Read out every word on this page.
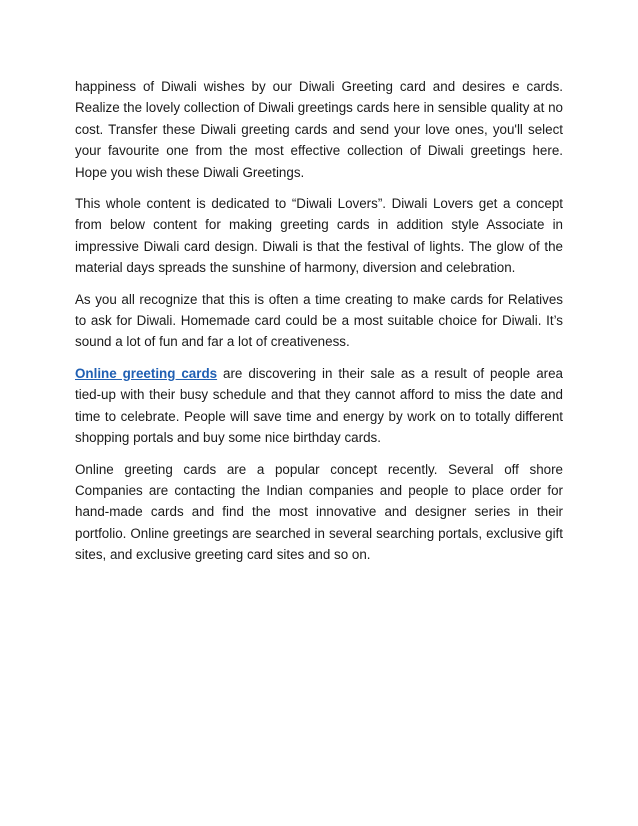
happiness of Diwali wishes by our Diwali Greeting card and desires e cards. Realize the lovely collection of Diwali greetings cards here in sensible quality at no cost. Transfer these Diwali greeting cards and send your love ones, you'll select your favourite one from the most effective collection of Diwali greetings here. Hope you wish these Diwali Greetings.

This whole content is dedicated to “Diwali Lovers”. Diwali Lovers get a concept from below content for making greeting cards in addition style Associate in impressive Diwali card design. Diwali is that the festival of lights. The glow of the material days spreads the sunshine of harmony, diversion and celebration.

As you all recognize that this is often a time creating to make cards for Relatives to ask for Diwali. Homemade card could be a most suitable choice for Diwali. It’s sound a lot of fun and far a lot of creativeness.

Online greeting cards are discovering in their sale as a result of people area tied-up with their busy schedule and that they cannot afford to miss the date and time to celebrate. People will save time and energy by work on to totally different shopping portals and buy some nice birthday cards.

Online greeting cards are a popular concept recently. Several off shore Companies are contacting the Indian companies and people to place order for hand-made cards and find the most innovative and designer series in their portfolio. Online greetings are searched in several searching portals, exclusive gift sites, and exclusive greeting card sites and so on.
